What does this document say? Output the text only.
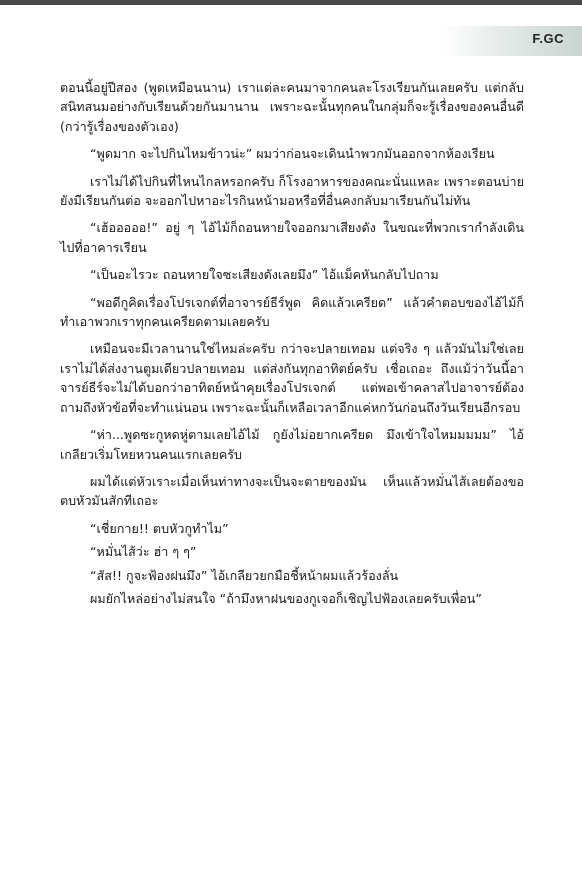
F.GC

ตอนนี้อยู่ปีสอง (พูดเหมือนนาน) เราแต่ละคนมาจากคนละโรงเรียนกันเลยครับ แต่กลับสนิทสนมอย่างกับเรียนด้วยกันมานาน เพราะฉะนั้นทุกคนในกลุ่มก็จะรู้เรื่องของคนอื่นดี (กว่ารู้เรื่องของตัวเอง)

“พูดมาก จะไปกินไหมข้าวน่ะ” ผมว่าก่อนจะเดินนำพวกมันออกจากห้องเรียน

เราไม่ได้ไปกินที่ไหนไกลหรอกครับ ก็โรงอาหารของคณะนั่นแหละ เพราะตอนบ่ายยังมีเรียนกันต่อ จะออกไปหาอะไรกินหน้ามอหรือที่อื่นคงกลับมาเรียนกันไม่ทัน

“เฮ้อออออ!” อยู่ ๆ ไอ้ไม้ก็ถอนหายใจออกมาเสียงดัง ในขณะที่พวกเรากำลังเดินไปที่อาคารเรียน

“เป็นอะไรวะ ถอนหายใจซะเสียงดังเลยมึง” ไอ้แม็คหันกลับไปถาม

“พอดีกูคิดเรื่องโปรเจกต์ที่อาจารย์ธีร์พูด คิดแล้วเครียด” แล้วคำตอบของไอ้ไม้ก็ทำเอาพวกเราทุกคนเครียดตามเลยครับ

เหมือนจะมีเวลานานใช่ไหมล่ะครับ กว่าจะปลายเทอม แต่จริง ๆ แล้วมันไม่ใช่เลย เราไม่ได้ส่งงานตูมเดียวปลายเทอม แต่ส่งกันทุกอาทิตย์ครับ เชื่อเถอะ ถึงแม้ว่าวันนี้อาจารย์ธีร์จะไม่ได้บอกว่าอาทิตย์หน้าคุยเรื่องโปรเจกต์ แต่พอเข้าคลาสไปอาจารย์ต้องถามถึงหัวข้อที่จะทำแน่นอน เพราะฉะนั้นก็เหลือเวลาอีกแค่หกวันก่อนถึงวันเรียนอีกรอบ

“ห่า...พูดซะกูหดหู่ตามเลยไอ้ไม้ กูยังไม่อยากเครียด มึงเข้าใจไหมมมมม” ไอ้เกลียวเริ่มโหยหวนคนแรกเลยครับ

ผมได้แต่หัวเราะเมื่อเห็นท่าทางจะเป็นจะตายของมัน เห็นแล้วหมั่นไส้เลยต้องขอตบหัวมันสักทีเถอะ

“เชี่ยกาย!! ตบหัวกูทำไม”

“หมั่นไส้ว่ะ ฮ่า ๆ ๆ”

“สัส!! กูจะฟ้องฝนมึง” ไอ้เกลียวยกมือชี้หน้าผมแล้วร้องลั่น

ผมยักไหล่อย่างไม่สนใจ “ถ้ามึงหาฝนของกูเจอก็เชิญไปฟ้องเลยครับเพื่อน”
